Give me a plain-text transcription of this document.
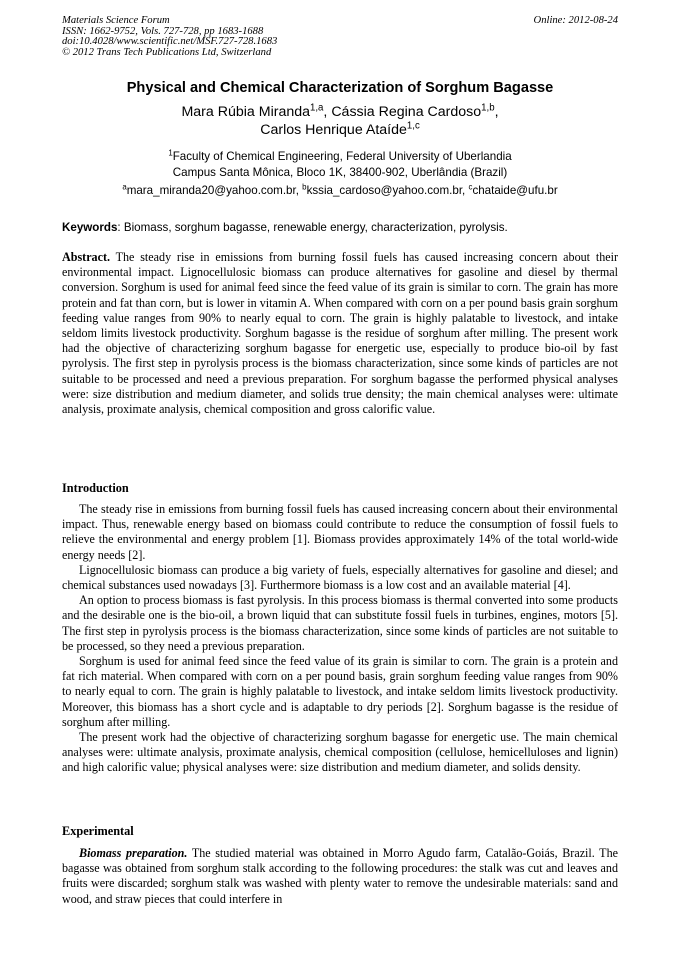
Materials Science Forum
ISSN: 1662-9752, Vols. 727-728, pp 1683-1688
doi:10.4028/www.scientific.net/MSF.727-728.1683
© 2012 Trans Tech Publications Ltd, Switzerland
Online: 2012-08-24
Physical and Chemical Characterization of Sorghum Bagasse
Mara Rúbia Miranda$^{1,a}$, Cássia Regina Cardoso$^{1,b}$,
Carlos Henrique Ataíde$^{1,c}$
$^1$Faculty of Chemical Engineering, Federal University of Uberlandia
Campus Santa Mônica, Bloco 1K, 38400-902, Uberlândia (Brazil)
$^a$mara_miranda20@yahoo.com.br, $^b$kssia_cardoso@yahoo.com.br, $^c$chataide@ufu.br
Keywords: Biomass, sorghum bagasse, renewable energy, characterization, pyrolysis.
Abstract. The steady rise in emissions from burning fossil fuels has caused increasing concern about their environmental impact. Lignocellulosic biomass can produce alternatives for gasoline and diesel by thermal conversion. Sorghum is used for animal feed since the feed value of its grain is similar to corn. The grain has more protein and fat than corn, but is lower in vitamin A. When compared with corn on a per pound basis grain sorghum feeding value ranges from 90% to nearly equal to corn. The grain is highly palatable to livestock, and intake seldom limits livestock productivity. Sorghum bagasse is the residue of sorghum after milling. The present work had the objective of characterizing sorghum bagasse for energetic use, especially to produce bio-oil by fast pyrolysis. The first step in pyrolysis process is the biomass characterization, since some kinds of particles are not suitable to be processed and need a previous preparation. For sorghum bagasse the performed physical analyses were: size distribution and medium diameter, and solids true density; the main chemical analyses were: ultimate analysis, proximate analysis, chemical composition and gross calorific value.
Introduction

The steady rise in emissions from burning fossil fuels has caused increasing concern about their environmental impact. Thus, renewable energy based on biomass could contribute to reduce the consumption of fossil fuels to relieve the environmental and energy problem [1]. Biomass provides approximately 14% of the total world-wide energy needs [2].

Lignocellulosic biomass can produce a big variety of fuels, especially alternatives for gasoline and diesel; and chemical substances used nowadays [3]. Furthermore biomass is a low cost and an available material [4].

An option to process biomass is fast pyrolysis. In this process biomass is thermal converted into some products and the desirable one is the bio-oil, a brown liquid that can substitute fossil fuels in turbines, engines, motors [5]. The first step in pyrolysis process is the biomass characterization, since some kinds of particles are not suitable to be processed, so they need a previous preparation.

Sorghum is used for animal feed since the feed value of its grain is similar to corn. The grain is a protein and fat rich material. When compared with corn on a per pound basis, grain sorghum feeding value ranges from 90% to nearly equal to corn. The grain is highly palatable to livestock, and intake seldom limits livestock productivity. Moreover, this biomass has a short cycle and is adaptable to dry periods [2]. Sorghum bagasse is the residue of sorghum after milling.

The present work had the objective of characterizing sorghum bagasse for energetic use. The main chemical analyses were: ultimate analysis, proximate analysis, chemical composition (cellulose, hemicelluloses and lignin) and high calorific value; physical analyses were: size distribution and medium diameter, and solids density.

Experimental

Biomass preparation. The studied material was obtained in Morro Agudo farm, Catalão-Goiás, Brazil. The bagasse was obtained from sorghum stalk according to the following procedures: the stalk was cut and leaves and fruits were discarded; sorghum stalk was washed with plenty water to remove the undesirable materials: sand and wood, and straw pieces that could interfere in
